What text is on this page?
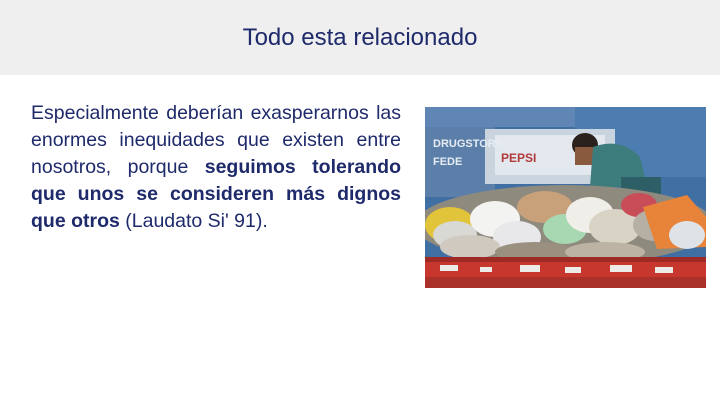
Todo esta relacionado

Especialmente deberían exasperarnos las enormes inequidades que existen entre nosotros, porque seguimos tolerando que unos se consideren más dignos que otros (Laudato Si' 91).

DRUGSTORE
FEDE	PEPSI
